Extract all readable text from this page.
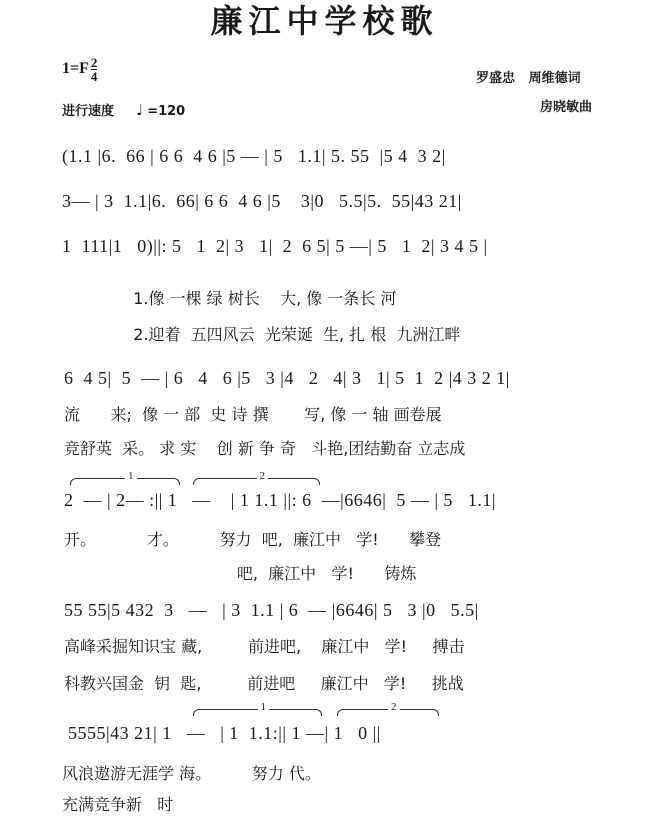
廉江中学校歌
$1=F \frac{2}{4}$	罗盛忠   周维德词
房晓敏曲
进行速度 ♩ =120
(1.1 |6.  66 | 6 6  4 6 |5 — | 5   1.1| 5. 55  |5 4  3 2|
3— | 3  1.1|6.  66| 6 6  4 6 |5    3|0   5.5|5.  55|43 21|
1  111|1   0)||: 5   1  2| 3   1|  2  6 5| 5 —| 5   1  2| 3 4 5 |
1.像 一棵 绿 树长    大, 像 一条长 河
2.迎着  五四风云  光荣诞  生, 扎 根  九洲江畔
6  4 5|  5  — | 6   4   6 |5   3 |4   2   4| 3   1| 5  1  2 |4 3 2 1|
流      来;  像 一 部  史 诗 撰       写, 像 一 轴 画卷展
竞舒英  采。 求 实    创 新 争 奇   斗艳,团结勤奋 立志成
1	2
2  — | 2— :|| 1   —    | 1 1.1 ||: 6  —|6646|  5 — | 5   1.1|
开。          才。        努力  吧,  廉江中   学!      攀登
吧,  廉江中   学!      铸炼
55 55|5 432  3   —   | 3  1.1 | 6  — |6646| 5   3 |0   5.5|
高峰采掘知识宝 藏,         前进吧,    廉江中   学!     搏击
科教兴国金  钥  匙,         前进吧     廉江中   学!     挑战
1	2
5555|43 21| 1   —   | 1  1.1:|| 1 —| 1   0 ||
风浪遨游无涯学 海。        努力 代。
充满竞争新   时
